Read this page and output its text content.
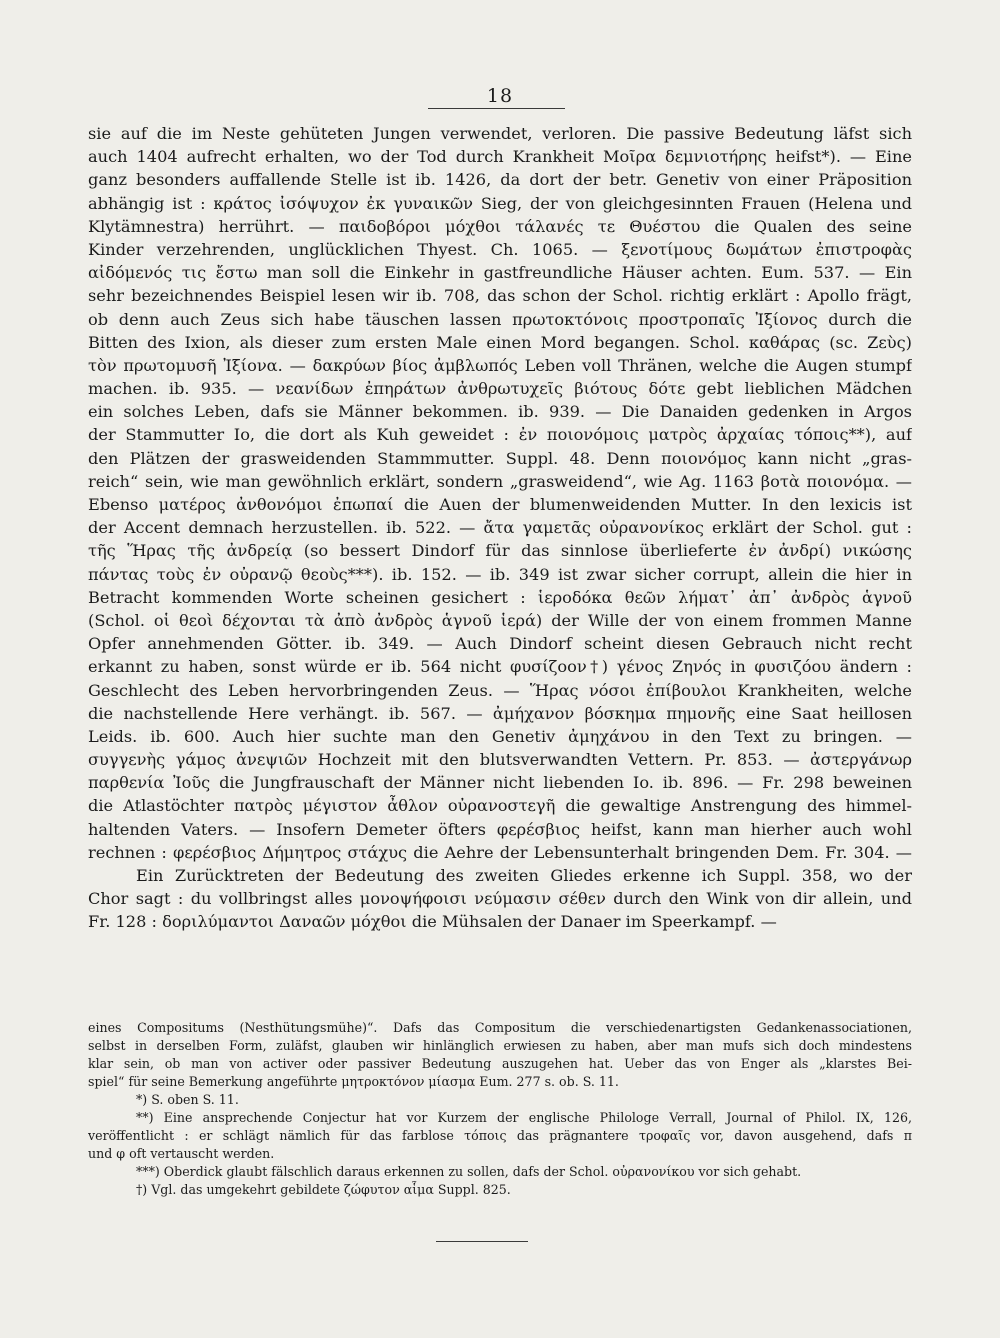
18
sie auf die im Neste gehüteten Jungen verwendet, verloren. Die passive Bedeutung läfst sich
auch 1404 aufrecht erhalten, wo der Tod durch Krankheit Μοῖρα δεμνιοτήρης heifst*). — Eine
ganz besonders auffallende Stelle ist ib. 1426, da dort der betr. Genetiv von einer Präposition
abhängig ist : κράτος ἰσόψυχον ἐκ γυναικῶν Sieg, der von gleichgesinnten Frauen (Helena und
Klytämnestra) herrührt. — παιδοβόροι μόχθοι τάλανές τε Θυέστου die Qualen des seine
Kinder verzehrenden, unglücklichen Thyest. Ch. 1065. — ξενοτίμους δωμάτων ἐπιστροφὰς
αἰδόμενός τις ἔστω man soll die Einkehr in gastfreundliche Häuser achten. Eum. 537. — Ein
sehr bezeichnendes Beispiel lesen wir ib. 708, das schon der Schol. richtig erklärt : Apollo frägt,
ob denn auch Zeus sich habe täuschen lassen πρωτοκτόνοις προστροπαῖς Ἰξίονος durch die
Bitten des Ixion, als dieser zum ersten Male einen Mord begangen. Schol. καθάρας (sc. Ζεὺς)
τὸν πρωτομυσῆ Ἰξίονα. — δακρύων βίος ἀμβλωπός Leben voll Thränen, welche die Augen stumpf
machen. ib. 935. — νεανίδων ἐπηράτων ἀνθρωτυχεῖς βιότους δότε gebt lieblichen Mädchen
ein solches Leben, dafs sie Männer bekommen. ib. 939. — Die Danaiden gedenken in Argos
der Stammutter Io, die dort als Kuh geweidet : ἐν ποιονόμοις ματρὸς ἀρχαίας τόποις**), auf
den Plätzen der grasweidenden Stammmutter. Suppl. 48. Denn ποιονόμος kann nicht „gras-
reich“ sein, wie man gewöhnlich erklärt, sondern „grasweidend“, wie Ag. 1163 βοτὰ ποιονόμα. —
Ebenso ματέρος ἀνθονόμοι ἐπωπαί die Auen der blumenweidenden Mutter. In den lexicis ist
der Accent demnach herzustellen. ib. 522. — ἄτα γαμετᾶς οὐρανονίκος erklärt der Schol. gut :
τῆς Ἥρας τῆς ἀνδρείᾳ (so bessert Dindorf für das sinnlose überlieferte ἐν ἀνδρί) νικώσης
πάντας τοὺς ἐν οὐρανῷ θεοὺς***). ib. 152. — ib. 349 ist zwar sicher corrupt, allein die hier in
Betracht kommenden Worte scheinen gesichert : ἱεροδόκα θεῶν λήματ᾽ ἀπ᾽ ἀνδρὸς ἁγνοῦ
(Schol. οἱ θεοὶ δέχονται τὰ ἀπὸ ἀνδρὸς ἁγνοῦ ἱερά) der Wille der von einem frommen Manne
Opfer annehmenden Götter. ib. 349. — Auch Dindorf scheint diesen Gebrauch nicht recht
erkannt zu haben, sonst würde er ib. 564 nicht φυσίζοον†) γένος Ζηνός in φυσιζόου ändern :
Geschlecht des Leben hervorbringenden Zeus. — Ἥρας νόσοι ἐπίβουλοι Krankheiten, welche
die nachstellende Here verhängt. ib. 567. — ἀμήχανον βόσκημα πημονῆς eine Saat heillosen
Leids. ib. 600. Auch hier suchte man den Genetiv ἀμηχάνου in den Text zu bringen. —
συγγενὴς γάμος ἀνεψιῶν Hochzeit mit den blutsverwandten Vettern. Pr. 853. — ἀστεργάνωρ
παρθενία Ἰοῦς die Jungfrauschaft der Männer nicht liebenden Io. ib. 896. — Fr. 298 beweinen
die Atlastöchter πατρὸς μέγιστον ἆθλον οὐρανοστεγῆ die gewaltige Anstrengung des himmel-
haltenden Vaters. — Insofern Demeter öfters φερέσβιος heifst, kann man hierher auch wohl
rechnen : φερέσβιος Δήμητρος στάχυς die Aehre der Lebensunterhalt bringenden Dem. Fr. 304. —
Ein Zurücktreten der Bedeutung des zweiten Gliedes erkenne ich Suppl. 358, wo der
Chor sagt : du vollbringst alles μονοψήφοισι νεύμασιν σέθεν durch den Wink von dir allein, und
Fr. 128 : δοριλύμαντοι Δαναῶν μόχθοι die Mühsalen der Danaer im Speerkampf. —
eines Compositums (Nesthütungsmühe)“. Dafs das Compositum die verschiedenartigsten Gedankenassociationen,
selbst in derselben Form, zuläfst, glauben wir hinlänglich erwiesen zu haben, aber man mufs sich doch mindestens
klar sein, ob man von activer oder passiver Bedeutung auszugehen hat. Ueber das von Enger als „klarstes Bei-
spiel“ für seine Bemerkung angeführte μητροκτόνον μίασμα Eum. 277 s. ob. S. 11.
*) S. oben S. 11.
**) Eine ansprechende Conjectur hat vor Kurzem der englische Philologe Verrall, Journal of Philol. IX, 126,
veröffentlicht : er schlägt nämlich für das farblose τόποις das prägnantere τροφαῖς vor, davon ausgehend, dafs π
und φ oft vertauscht werden.
***) Oberdick glaubt fälschlich daraus erkennen zu sollen, dafs der Schol. οὐρανονίκου vor sich gehabt.
†) Vgl. das umgekehrt gebildete ζώφυτον αἷμα Suppl. 825.
